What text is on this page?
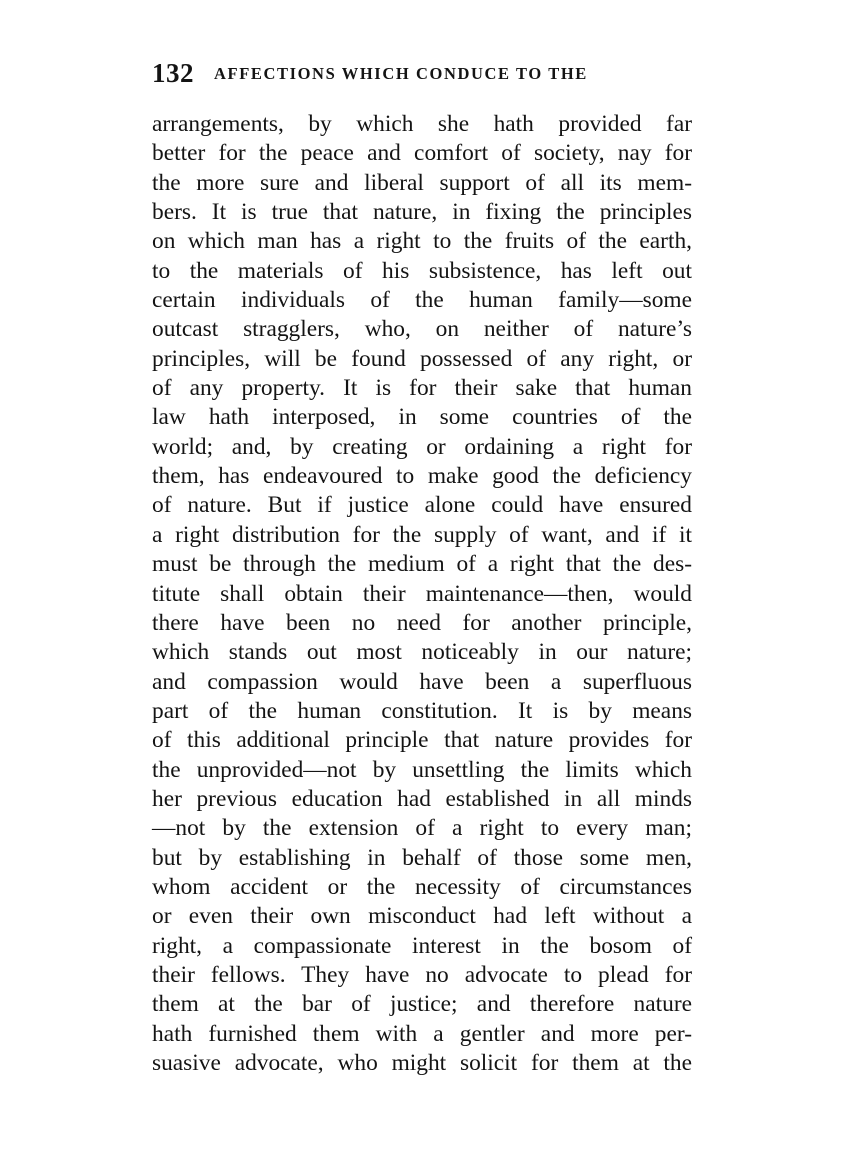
132 AFFECTIONS WHICH CONDUCE TO THE
arrangements, by which she hath provided far
better for the peace and comfort of society, nay for
the more sure and liberal support of all its mem-
bers. It is true that nature, in fixing the principles
on which man has a right to the fruits of the earth,
to the materials of his subsistence, has left out
certain individuals of the human family—some
outcast stragglers, who, on neither of nature’s
principles, will be found possessed of any right, or
of any property. It is for their sake that human
law hath interposed, in some countries of the
world; and, by creating or ordaining a right for
them, has endeavoured to make good the deficiency
of nature. But if justice alone could have ensured
a right distribution for the supply of want, and if it
must be through the medium of a right that the des-
titute shall obtain their maintenance—then, would
there have been no need for another principle,
which stands out most noticeably in our nature;
and compassion would have been a superfluous
part of the human constitution. It is by means
of this additional principle that nature provides for
the unprovided—not by unsettling the limits which
her previous education had established in all minds
—not by the extension of a right to every man;
but by establishing in behalf of those some men,
whom accident or the necessity of circumstances
or even their own misconduct had left without a
right, a compassionate interest in the bosom of
their fellows. They have no advocate to plead for
them at the bar of justice; and therefore nature
hath furnished them with a gentler and more per-
suasive advocate, who might solicit for them at the
